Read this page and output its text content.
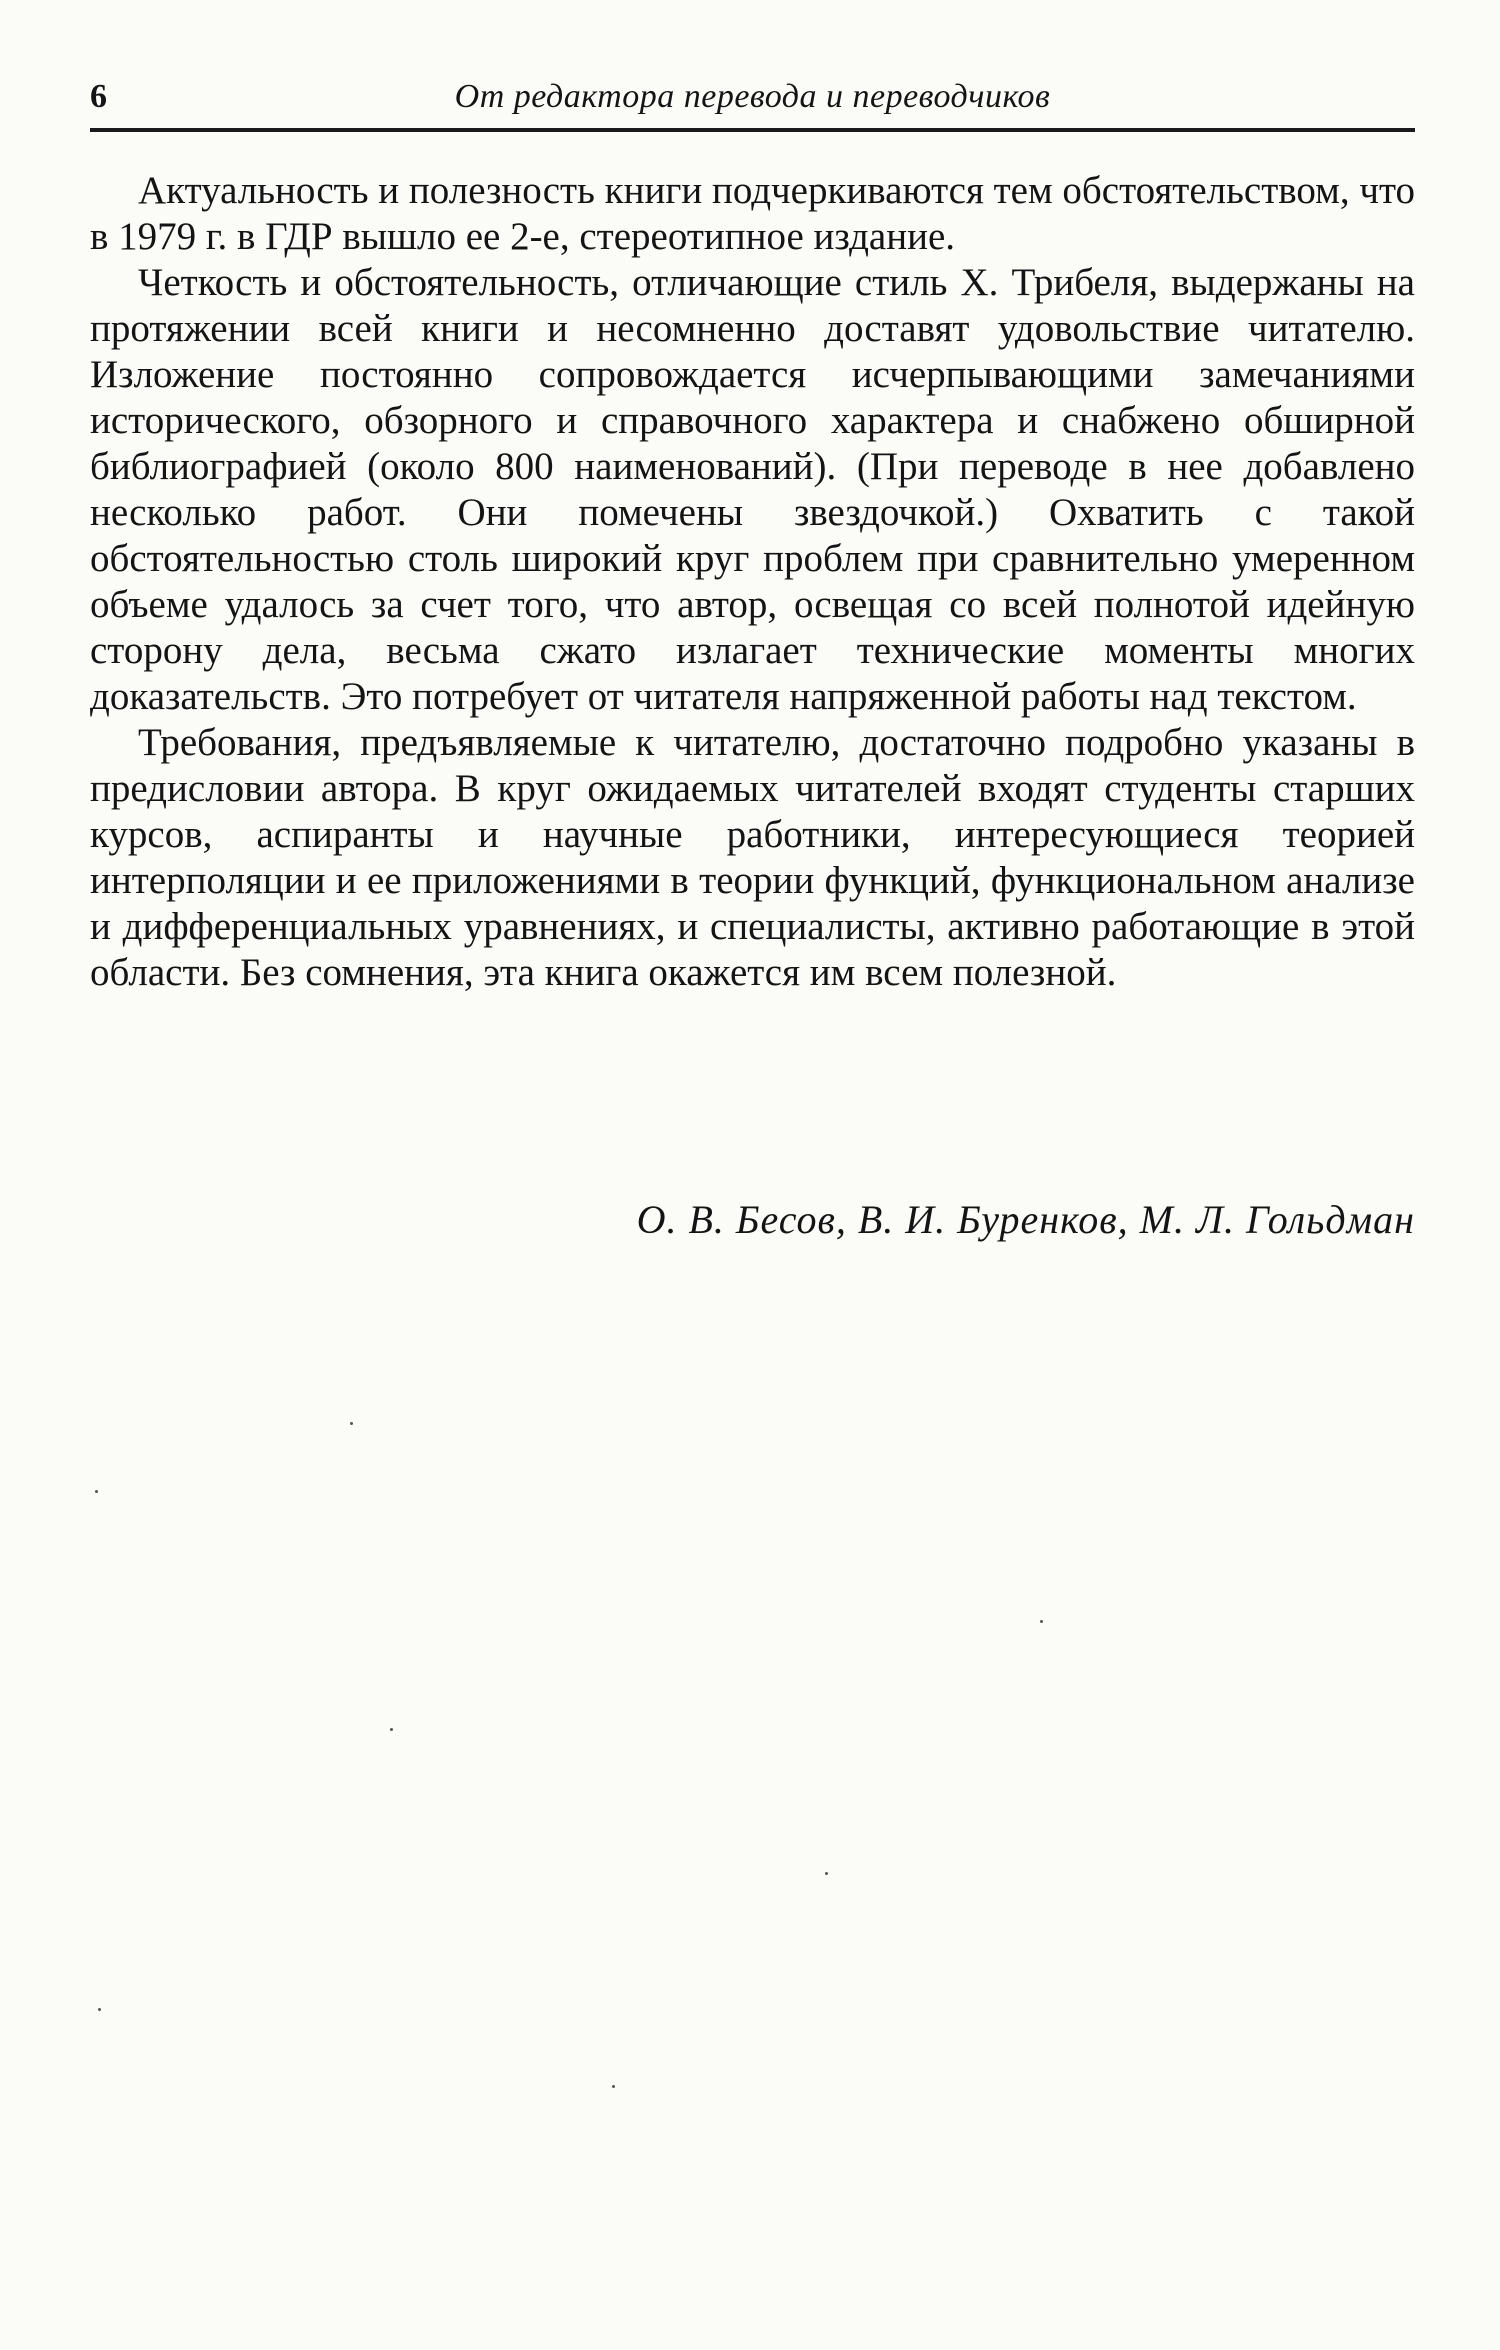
6	От редактора перевода и переводчиков

Актуальность и полезность книги подчеркиваются тем обстоятельством, что в 1979 г. в ГДР вышло ее 2-е, стереотипное издание.

Четкость и обстоятельность, отличающие стиль X. Трибеля, выдержаны на протяжении всей книги и несомненно доставят удовольствие читателю. Изложение постоянно сопровождается исчерпывающими замечаниями исторического, обзорного и справочного характера и снабжено обширной библиографией (около 800 наименований). (При переводе в нее добавлено несколько работ. Они помечены звездочкой.) Охватить с такой обстоятельностью столь широкий круг проблем при сравнительно умеренном объеме удалось за счет того, что автор, освещая со всей полнотой идейную сторону дела, весьма сжато излагает технические моменты многих доказательств. Это потребует от читателя напряженной работы над текстом.

Требования, предъявляемые к читателю, достаточно подробно указаны в предисловии автора. В круг ожидаемых читателей входят студенты старших курсов, аспиранты и научные работники, интересующиеся теорией интерполяции и ее приложениями в теории функций, функциональном анализе и дифференциальных уравнениях, и специалисты, активно работающие в этой области. Без сомнения, эта книга окажется им всем полезной.

О. В. Бесов, В. И. Буренков, М. Л. Гольдман
